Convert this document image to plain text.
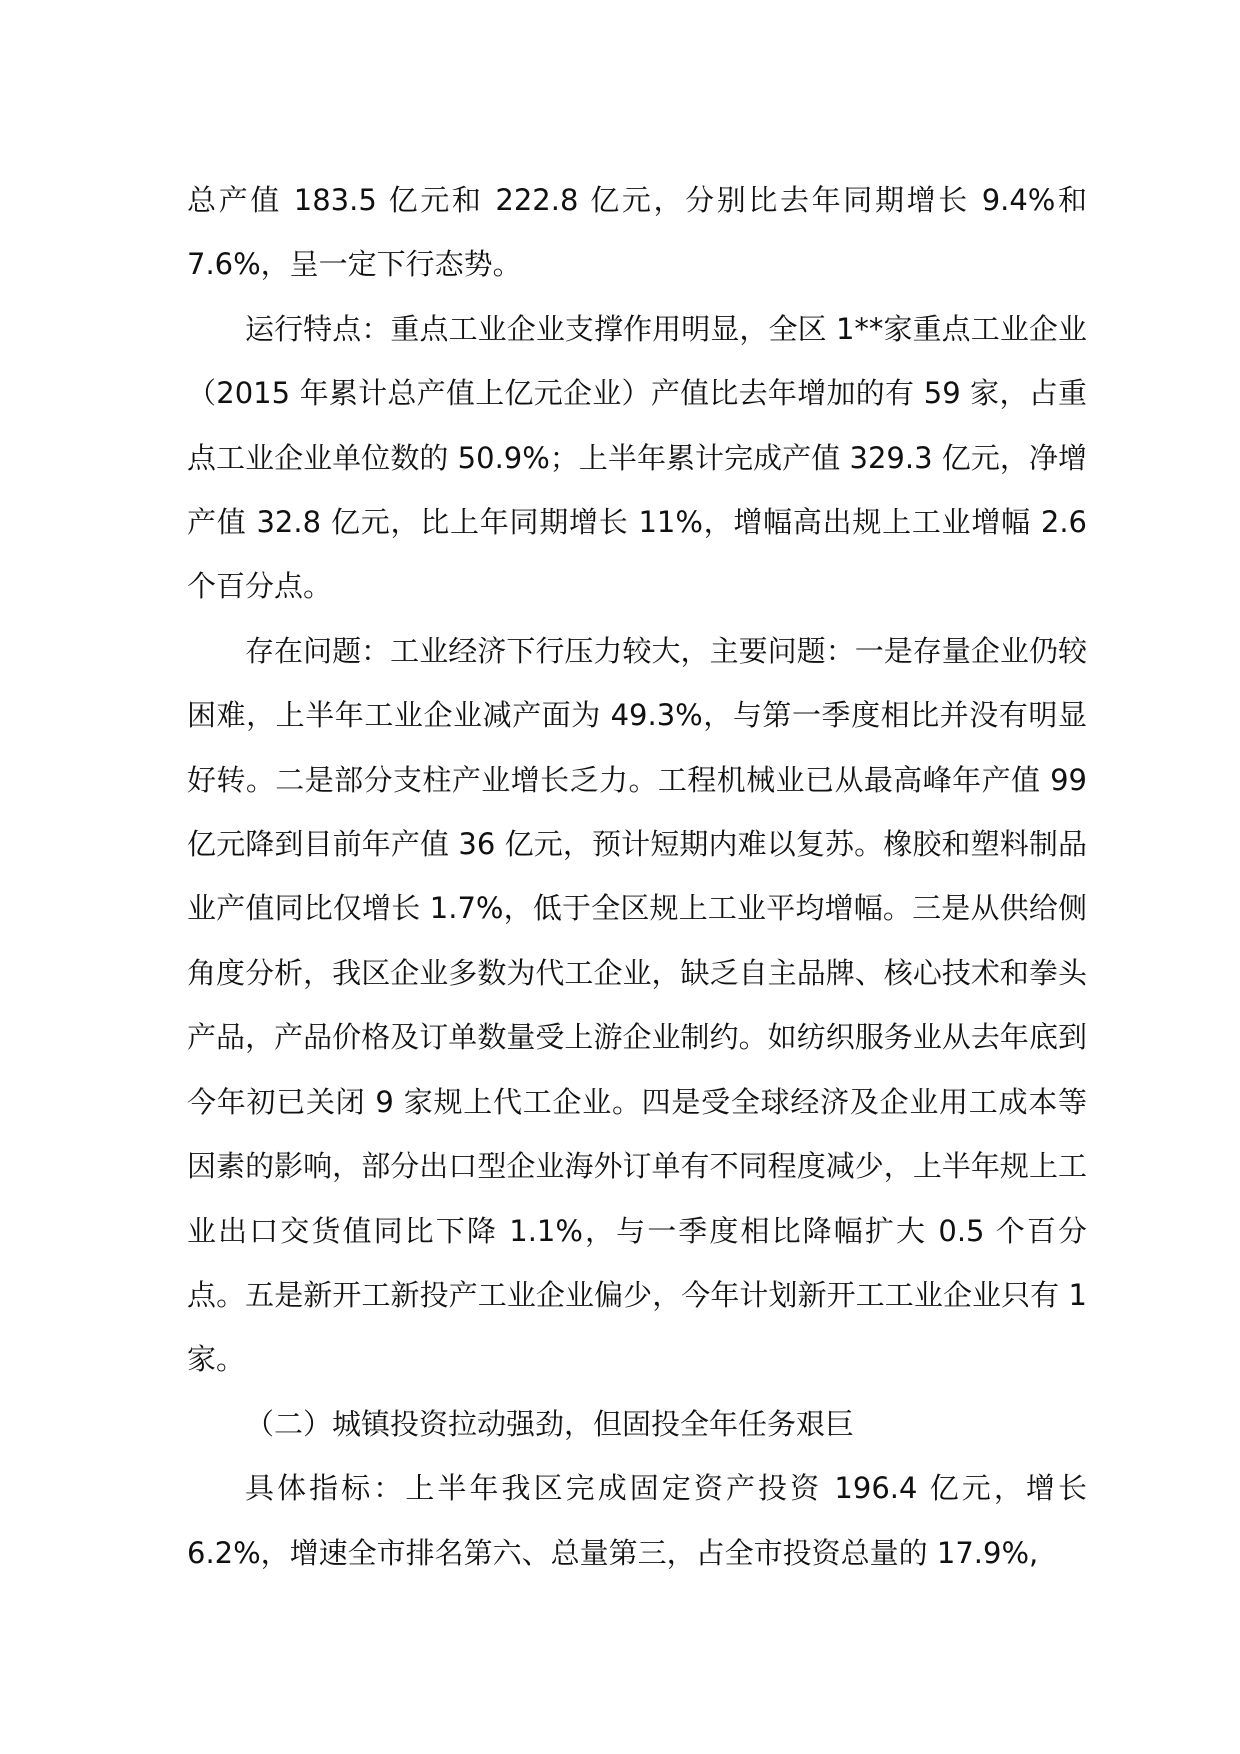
总产值 183.5 亿元和 222.8 亿元，分别比去年同期增长 9.4%和 7.6%，呈一定下行态势。

运行特点：重点工业企业支撑作用明显，全区 1**家重点工业企业（2015 年累计总产值上亿元企业）产值比去年增加的有 59 家，占重点工业企业单位数的 50.9%；上半年累计完成产值 329.3 亿元，净增产值 32.8 亿元，比上年同期增长 11%，增幅高出规上工业增幅 2.6 个百分点。

存在问题：工业经济下行压力较大，主要问题：一是存量企业仍较困难，上半年工业企业减产面为 49.3%，与第一季度相比并没有明显好转。二是部分支柱产业增长乏力。工程机械业已从最高峰年产值 99 亿元降到目前年产值 36 亿元，预计短期内难以复苏。橡胶和塑料制品业产值同比仅增长 1.7%，低于全区规上工业平均增幅。三是从供给侧角度分析，我区企业多数为代工企业，缺乏自主品牌、核心技术和拳头产品，产品价格及订单数量受上游企业制约。如纺织服务业从去年底到今年初已关闭 9 家规上代工企业。四是受全球经济及企业用工成本等因素的影响，部分出口型企业海外订单有不同程度减少，上半年规上工业出口交货值同比下降 1.1%，与一季度相比降幅扩大 0.5 个百分点。五是新开工新投产工业企业偏少，今年计划新开工工业企业只有 1 家。

（二）城镇投资拉动强劲，但固投全年任务艰巨

具体指标：上半年我区完成固定资产投资 196.4 亿元，增长 6.2%，增速全市排名第六、总量第三，占全市投资总量的 17.9%,
